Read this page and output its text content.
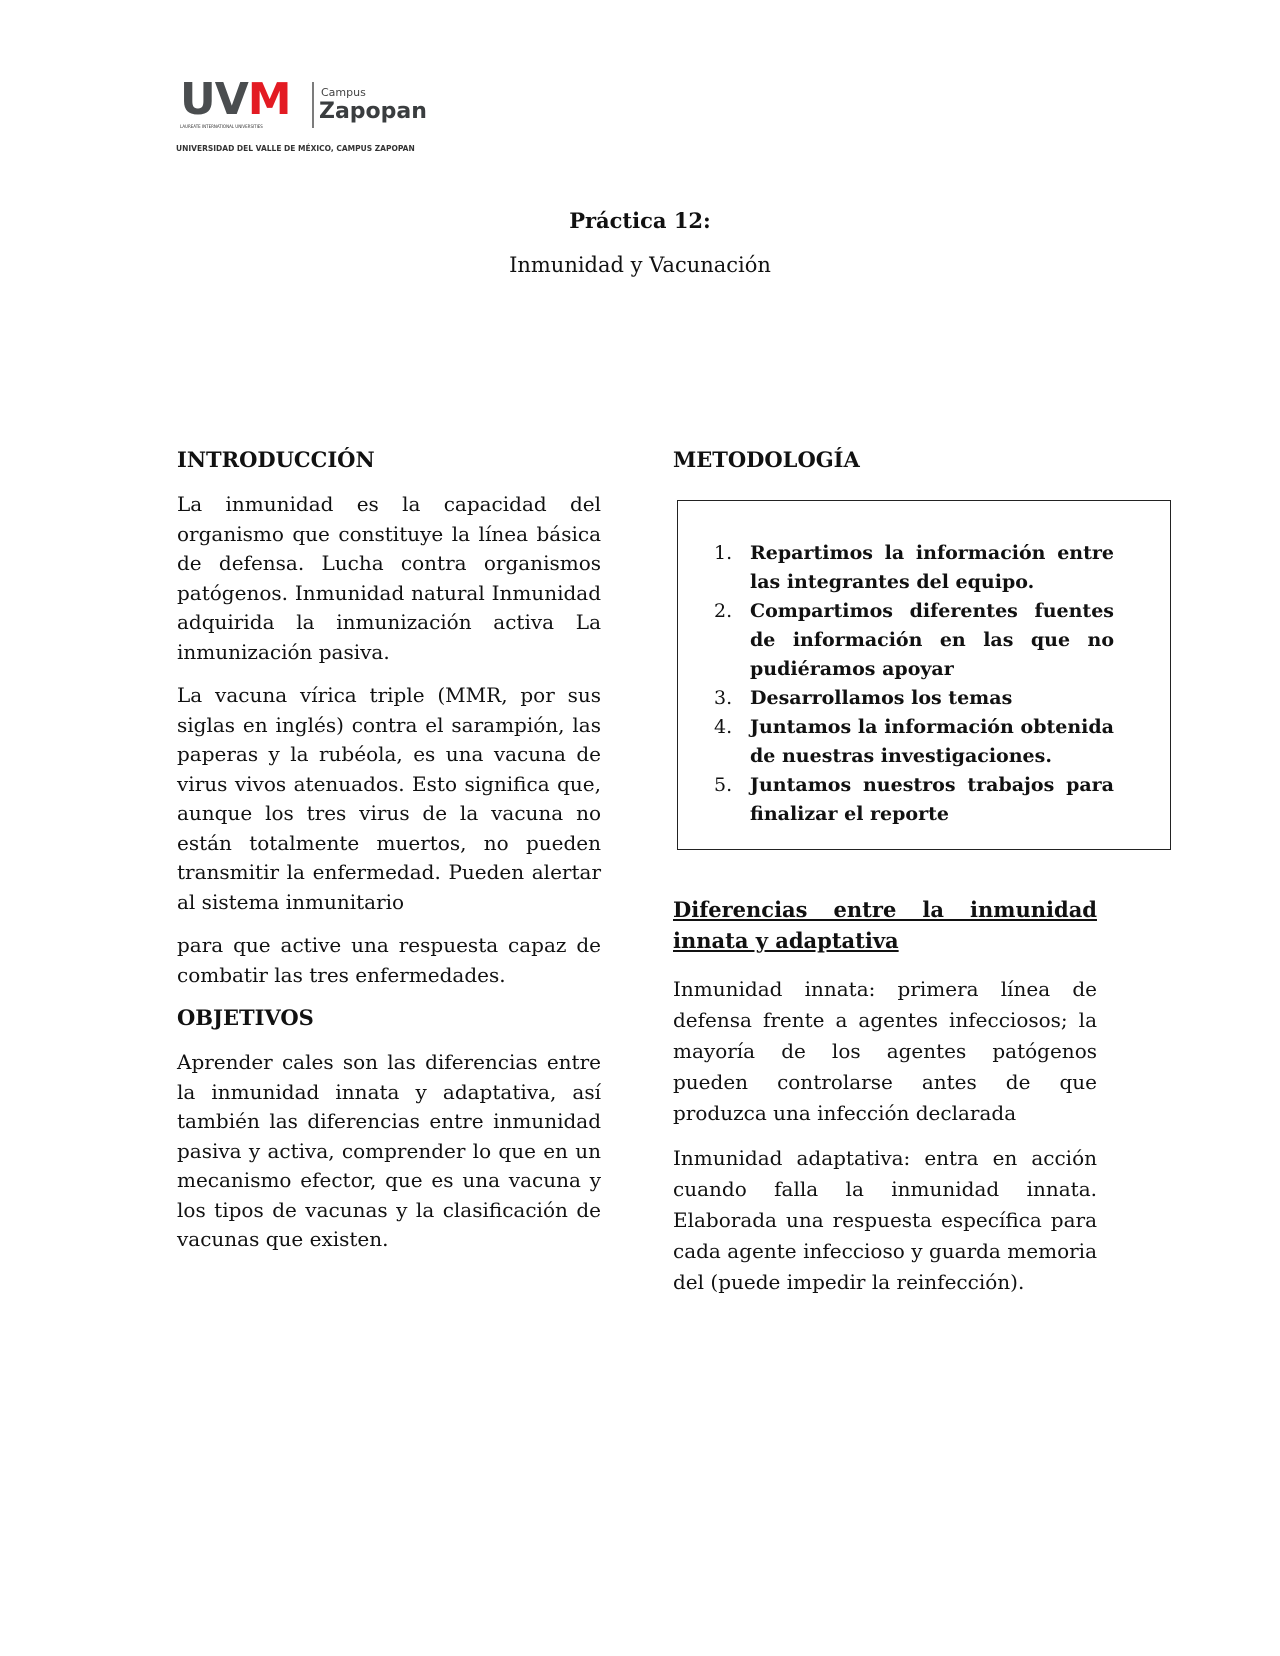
UVM	Campus
Zapopan
LAUREATE INTERNATIONAL UNIVERSITIES
UNIVERSIDAD DEL VALLE DE MÉXICO, CAMPUS ZAPOPAN
Práctica 12:
Inmunidad y Vacunación
INTRODUCCIÓN

La inmunidad es la capacidad del organismo que constituye la línea básica de defensa. Lucha contra organismos patógenos. Inmunidad natural Inmunidad adquirida la inmunización activa La inmunización pasiva.

La vacuna vírica triple (MMR, por sus siglas en inglés) contra el sarampión, las paperas y la rubéola, es una vacuna de virus vivos atenuados. Esto significa que, aunque los tres virus de la vacuna no están totalmente muertos, no pueden transmitir la enfermedad. Pueden alertar al sistema inmunitario

para que active una respuesta capaz de combatir las tres enfermedades.

OBJETIVOS

Aprender cales son las diferencias entre la inmunidad innata y adaptativa, así también las diferencias entre inmunidad pasiva y activa, comprender lo que en un mecanismo efector, que es una vacuna y los tipos de vacunas y la clasificación de vacunas que existen.

METODOLOGÍA
1. Repartimos la información entre las integrantes del equipo.
2. Compartimos diferentes fuentes de información en las que no pudiéramos apoyar
3. Desarrollamos los temas
4. Juntamos la información obtenida de nuestras investigaciones.
5. Juntamos nuestros trabajos para finalizar el reporte
Diferencias entre la inmunidad innata y adaptativa

Inmunidad innata: primera línea de defensa frente a agentes infecciosos; la mayoría de los agentes patógenos pueden controlarse antes de que produzca una infección declarada

Inmunidad adaptativa: entra en acción cuando falla la inmunidad innata. Elaborada una respuesta específica para cada agente infeccioso y guarda memoria del (puede impedir la reinfección).
